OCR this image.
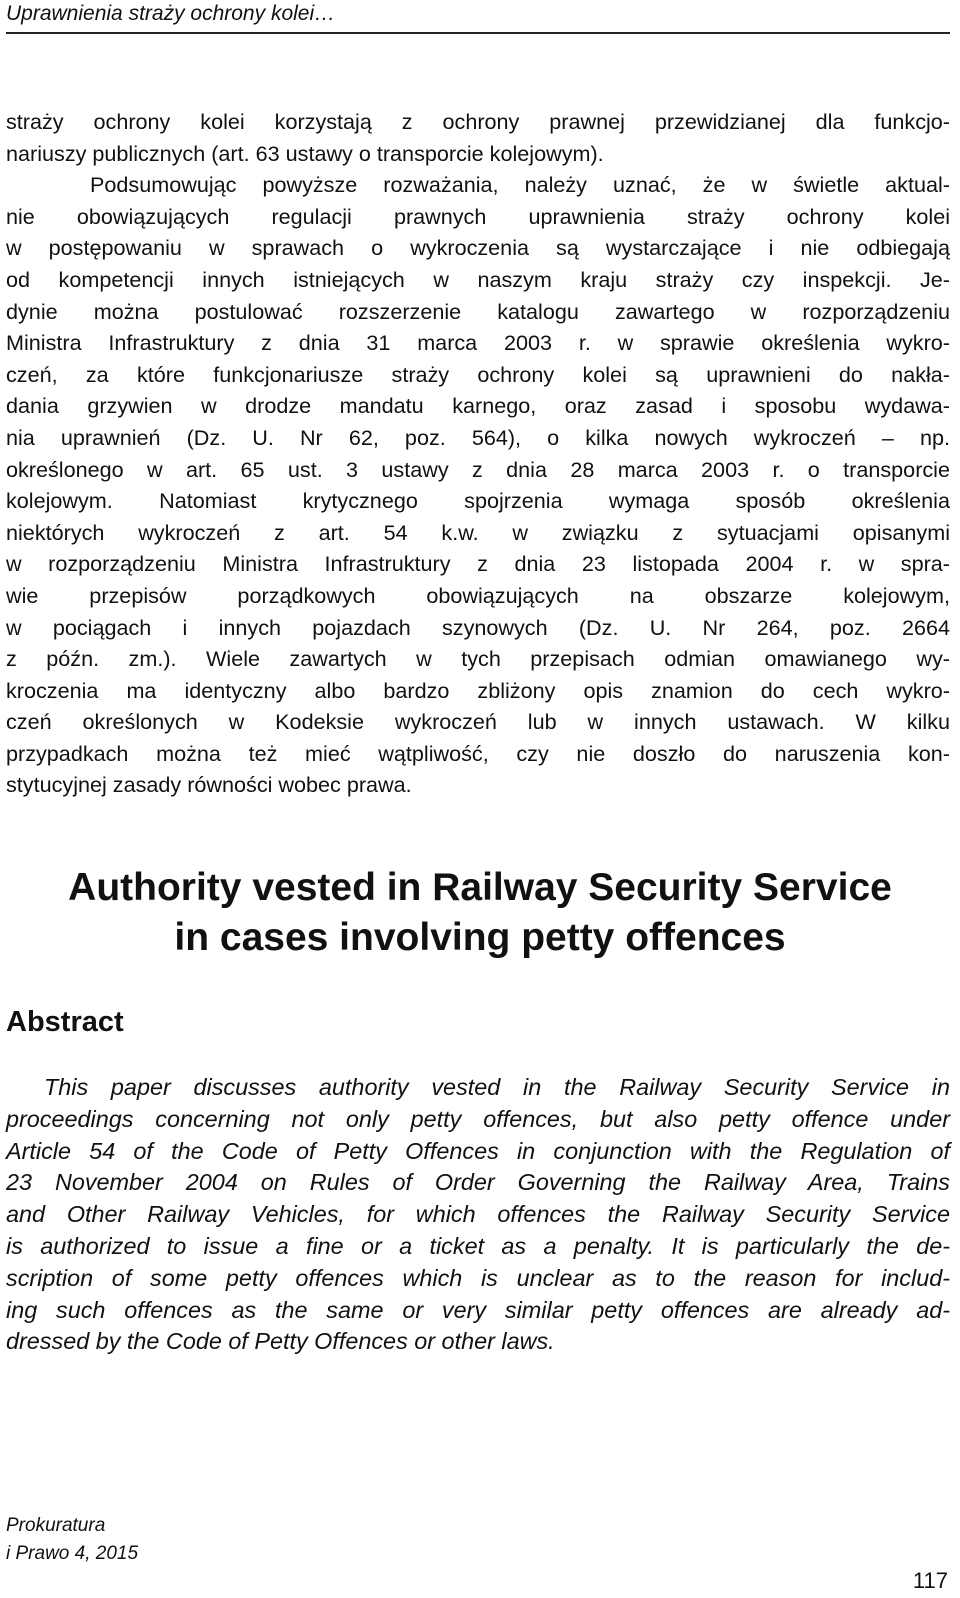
Uprawnienia straży ochrony kolei…

straży ochrony kolei korzystają z ochrony prawnej przewidzianej dla funkcjo-
nariuszy publicznych (art. 63 ustawy o transporcie kolejowym).
Podsumowując powyższe rozważania, należy uznać, że w świetle aktual-
nie obowiązujących regulacji prawnych uprawnienia straży ochrony kolei
w postępowaniu w sprawach o wykroczenia są wystarczające i nie odbiegają
od kompetencji innych istniejących w naszym kraju straży czy inspekcji. Je-
dynie można postulować rozszerzenie katalogu zawartego w rozporządzeniu
Ministra Infrastruktury z dnia 31 marca 2003 r. w sprawie określenia wykro-
czeń, za które funkcjonariusze straży ochrony kolei są uprawnieni do nakła-
dania grzywien w drodze mandatu karnego, oraz zasad i sposobu wydawa-
nia uprawnień (Dz. U. Nr 62, poz. 564), o kilka nowych wykroczeń – np.
określonego w art. 65 ust. 3 ustawy z dnia 28 marca 2003 r. o transporcie
kolejowym. Natomiast krytycznego spojrzenia wymaga sposób określenia
niektórych wykroczeń z art. 54 k.w. w związku z sytuacjami opisanymi
w rozporządzeniu Ministra Infrastruktury z dnia 23 listopada 2004 r. w spra-
wie przepisów porządkowych obowiązujących na obszarze kolejowym,
w pociągach i innych pojazdach szynowych (Dz. U. Nr 264, poz. 2664
z późn. zm.). Wiele zawartych w tych przepisach odmian omawianego wy-
kroczenia ma identyczny albo bardzo zbliżony opis znamion do cech wykro-
czeń określonych w Kodeksie wykroczeń lub w innych ustawach. W kilku
przypadkach można też mieć wątpliwość, czy nie doszło do naruszenia kon-
stytucyjnej zasady równości wobec prawa.

Authority vested in Railway Security Service
in cases involving petty offences
Abstract

This paper discusses authority vested in the Railway Security Service in
proceedings concerning not only petty offences, but also petty offence under
Article 54 of the Code of Petty Offences in conjunction with the Regulation of
23 November 2004 on Rules of Order Governing the Railway Area, Trains
and Other Railway Vehicles, for which offences the Railway Security Service
is authorized to issue a fine or a ticket as a penalty. It is particularly the de-
scription of some petty offences which is unclear as to the reason for includ-
ing such offences as the same or very similar petty offences are already ad-
dressed by the Code of Petty Offences or other laws.

Prokuratura
i Prawo 4, 2015
117
